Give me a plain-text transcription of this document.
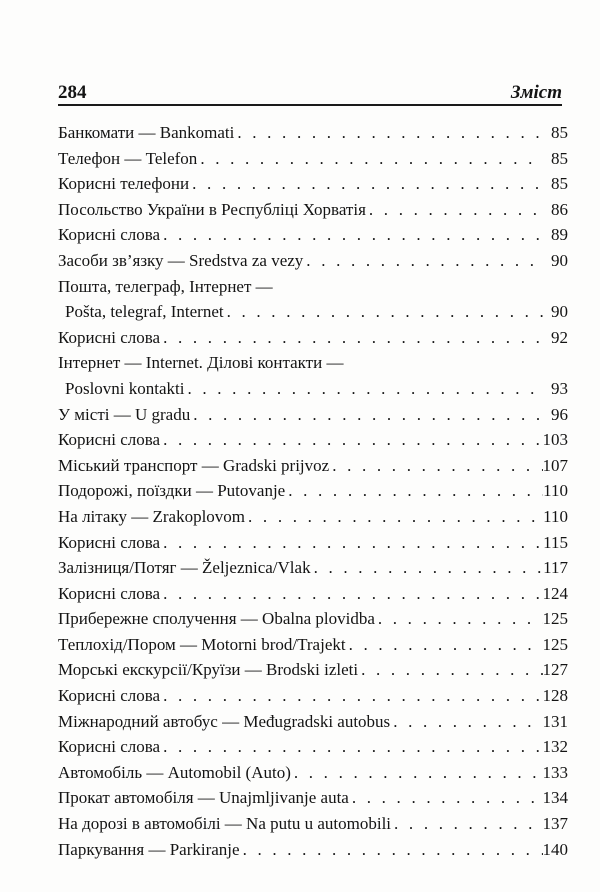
284	Зміст
Банкомати — Bankomati . . .	85
Телефон — Telefon . . .	85
Корисні телефони . . .	85
Посольство України в Республіці Хорватія . . .	86
Корисні слова . . .	89
Засоби зв’язку — Sredstva za vezy . . .	90
Пошта, телеграф, Інтернет —
Pošta, telegraf, Internet . . .	90
Корисні слова . . .	92
Інтернет — Internet. Ділові контакти —
Poslovni kontakti . . .	93
У місті — U gradu . . .	96
Корисні слова . . .	103
Міський транспорт — Gradski prijvoz . . .	107
Подорожі, поїздки — Putovanje . . .	110
На літаку — Zrakoplovom . . .	110
Корисні слова . . .	115
Залізниця/Потяг — Željeznica/Vlak . . .	117
Корисні слова . . .	124
Прибережне сполучення — Obalna plovidba . . .	125
Теплохід/Пором — Motorni brod/Trajekt . . .	125
Морські екскурсії/Круїзи — Brodski izleti . . .	127
Корисні слова . . .	128
Міжнародний автобус — Međugradski autobus . . .	131
Корисні слова . . .	132
Автомобіль — Automobil (Auto) . . .	133
Прокат автомобіля — Unajmljivanje auta . . .	134
На дорозі в автомобілі — Na putu u automobili . . .	137
Паркування — Parkiranje . . .	140
